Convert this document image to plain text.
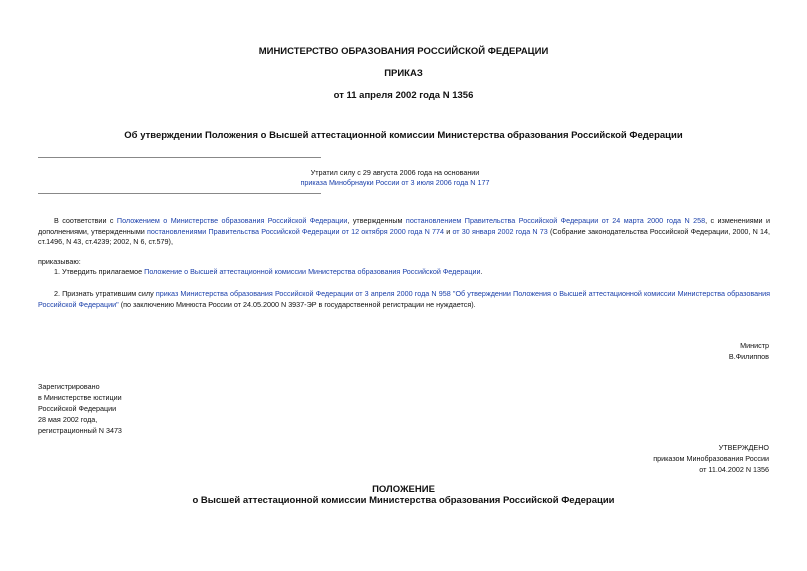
МИНИСТЕРСТВО ОБРАЗОВАНИЯ РОССИЙСКОЙ ФЕДЕРАЦИИ
ПРИКАЗ
от 11 апреля 2002 года N 1356
Об утверждении Положения о Высшей аттестационной комиссии Министерства образования Российской Федерации
Утратил силу с 29 августа 2006 года на основании
приказа Минобрнауки России от 3 июля 2006 года N 177
В соответствии с Положением о Министерстве образования Российской Федерации, утвержденным постановлением Правительства Российской Федерации от 24 марта 2000 года N 258, с изменениями и дополнениями, утвержденными постановлениями Правительства Российской Федерации от 12 октября 2000 года N 774 и от 30 января 2002 года N 73 (Собрание законодательства Российской Федерации, 2000, N 14, ст.1496, N 43, ст.4239; 2002, N 6, ст.579),
приказываю:
1. Утвердить прилагаемое Положение о Высшей аттестационной комиссии Министерства образования Российской Федерации.
2. Признать утратившим силу приказ Министерства образования Российской Федерации от 3 апреля 2000 года N 958 "Об утверждении Положения о Высшей аттестационной комиссии Министерства образования Российской Федерации" (по заключению Минюста России от 24.05.2000 N 3937-ЭР в государственной регистрации не нуждается).
Министр
В.Филиппов
Зарегистрировано
в Министерстве юстиции
Российской Федерации
28 мая 2002 года,
регистрационный N 3473
УТВЕРЖДЕНО
приказом Минобразования России
от 11.04.2002 N 1356
ПОЛОЖЕНИЕ
о Высшей аттестационной комиссии Министерства образования Российской Федерации
